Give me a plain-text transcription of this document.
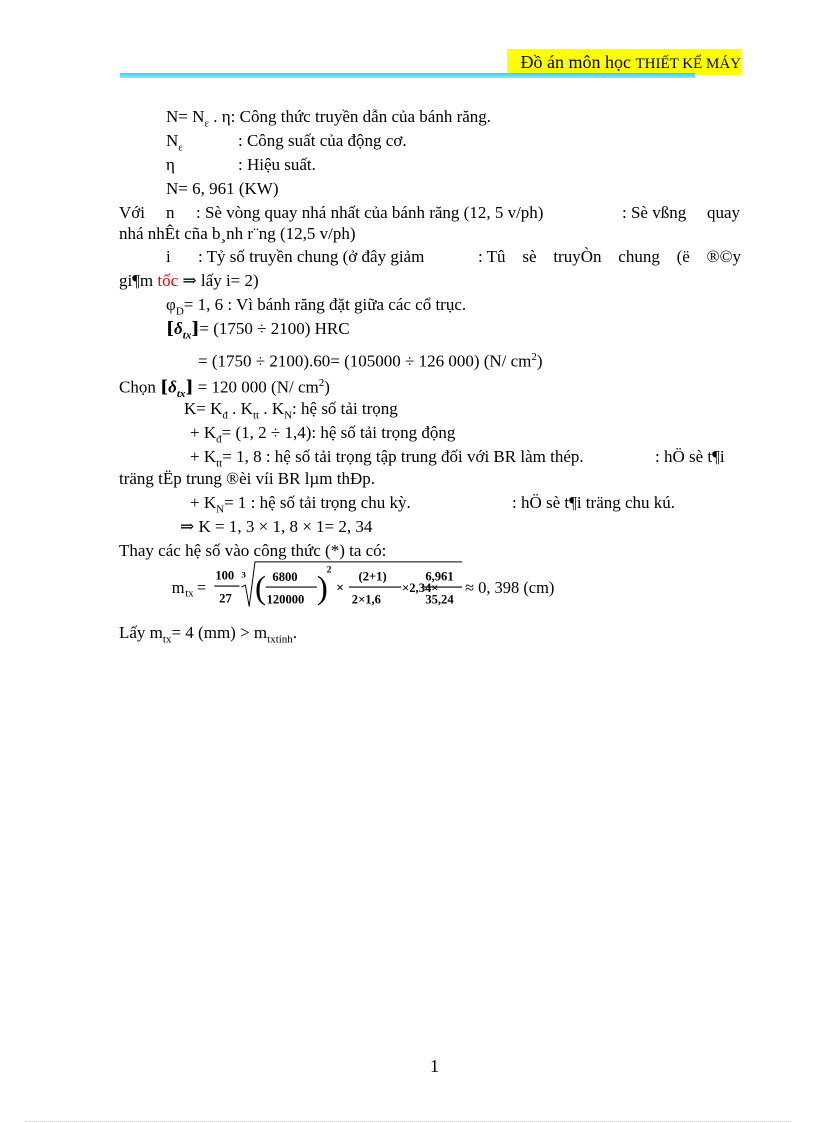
Đồ án môn học THIẾT KẾ MÁY
$N= N_\varepsilon$ . η: Công thức truyền dẫn của bánh răng.
$N_\varepsilon$	: Công suất của động cơ.
η	: Hiệu suất.
N= 6, 961 (KW)
Với n : Sè vòng quay nhá nhất của bánh răng (12, 5 v/ph)	: Sè vßng quay
nhá nhÊt cña b¸nh r¨ng (12,5 v/ph)
i : Tỷ số truyền chung (ở đây giảm	: Tû sè truyÒn chung (ë ®©y
gi¶m tốc ⇒ lấy i= 2)
$\varphi_D= 1$, 6 : Vì bánh răng đặt giữa các cổ trục.
$[\delta_{tx}]= (1750 \div 2100)$ HRC
= (1750 ÷ 2100).60= (105000 ÷ 126 000) (N/ $cm^2$)
Chọn $[\delta_{tx}] = 120$ 000 (N/ $cm^2$)
$K= K_đ$ . $K_{tt}$ . $K_N$: hệ số tải trọng
+ $K_đ= (1$, 2 ÷ 1,4): hệ số tải trọng động
+ $K_{tt}= 1$, 8 : hệ số tải trọng tập trung đối với BR làm thép.	: hÖ sè t¶i
träng tËp trung ®èi víi BR lµm thÐp.
+ $K_N= 1$ : hệ số tải trọng chu kỳ.	: hÖ sè t¶i träng chu kú.
⇒ K = 1, 3 × 1, 8 × 1= 2, 34
Thay các hệ số vào công thức (*) ta có:
m tx =
100
27
3 ( 6800
120000 )
2
×
(2+1)
2×1,6
×2,34×
6,961
35,24
≈ 0, 398 (cm)
Lấy $m_{tx}= 4$ $(mm) > m_{txtính}$.
1
